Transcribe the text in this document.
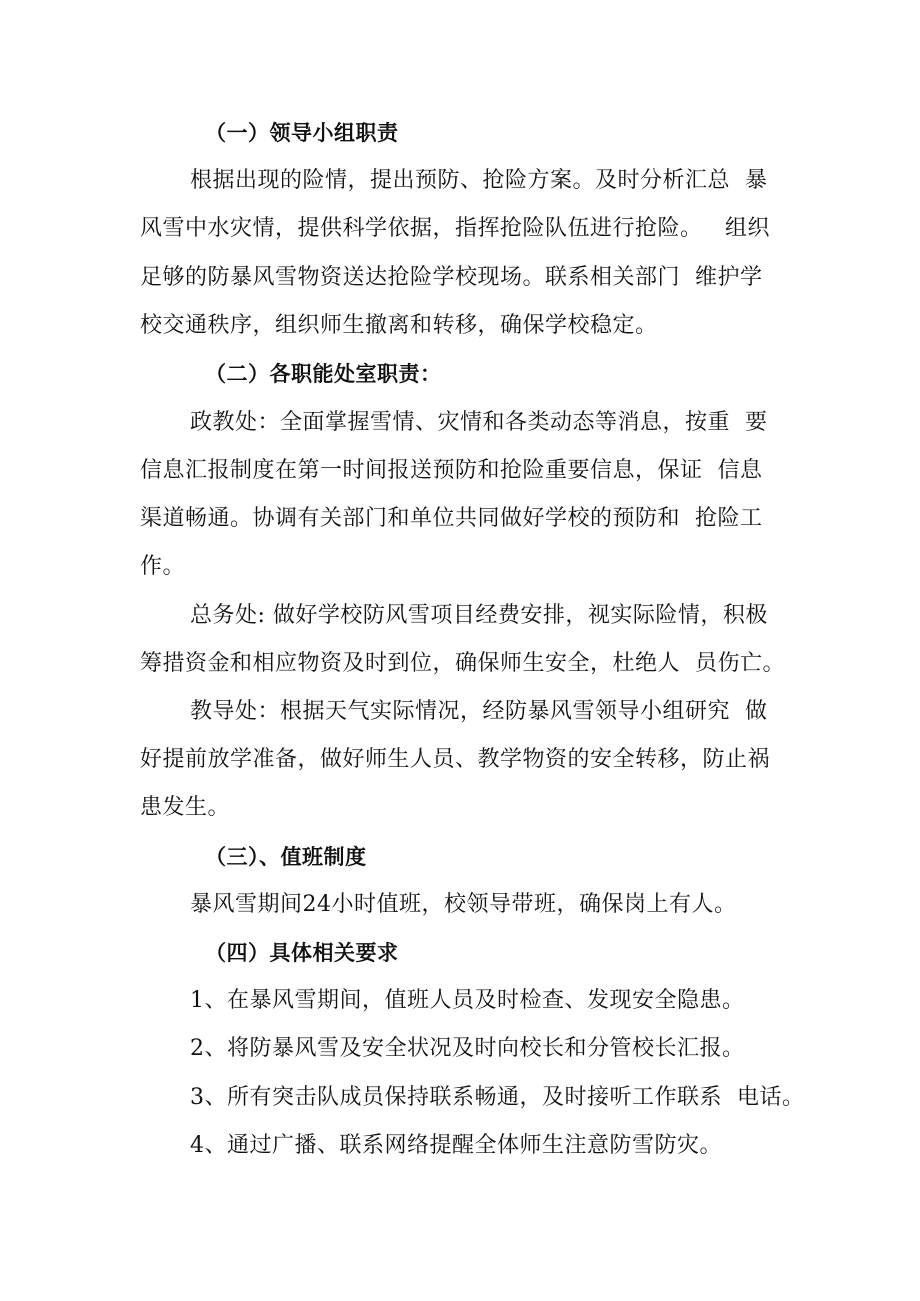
（一）领导小组职责
根据出现的险情，提出预防、抢险方案。及时分析汇总  暴
风雪中水灾情，提供科学依据，指挥抢险队伍进行抢险。   组织
足够的防暴风雪物资送达抢险学校现场。联系相关部门  维护学
校交通秩序，组织师生撤离和转移，确保学校稳定。
（二）各职能处室职责：
政教处：全面掌握雪情、灾情和各类动态等消息，按重  要
信息汇报制度在第一时间报送预防和抢险重要信息，保证  信息
渠道畅通。协调有关部门和单位共同做好学校的预防和  抢险工
作。
总务处: 做好学校防风雪项目经费安排，视实际险情，积极
筹措资金和相应物资及时到位，确保师生安全，杜绝人  员伤亡。
教导处：根据天气实际情况，经防暴风雪领导小组研究  做
好提前放学准备，做好师生人员、教学物资的安全转移，防止祸
患发生。
（三）、值班制度
暴风雪期间24小时值班，校领导带班，确保岗上有人。
（四）具体相关要求
1、在暴风雪期间，值班人员及时检查、发现安全隐患。
2、将防暴风雪及安全状况及时向校长和分管校长汇报。
3、所有突击队成员保持联系畅通，及时接听工作联系  电话。
4、通过广播、联系网络提醒全体师生注意防雪防灾。
